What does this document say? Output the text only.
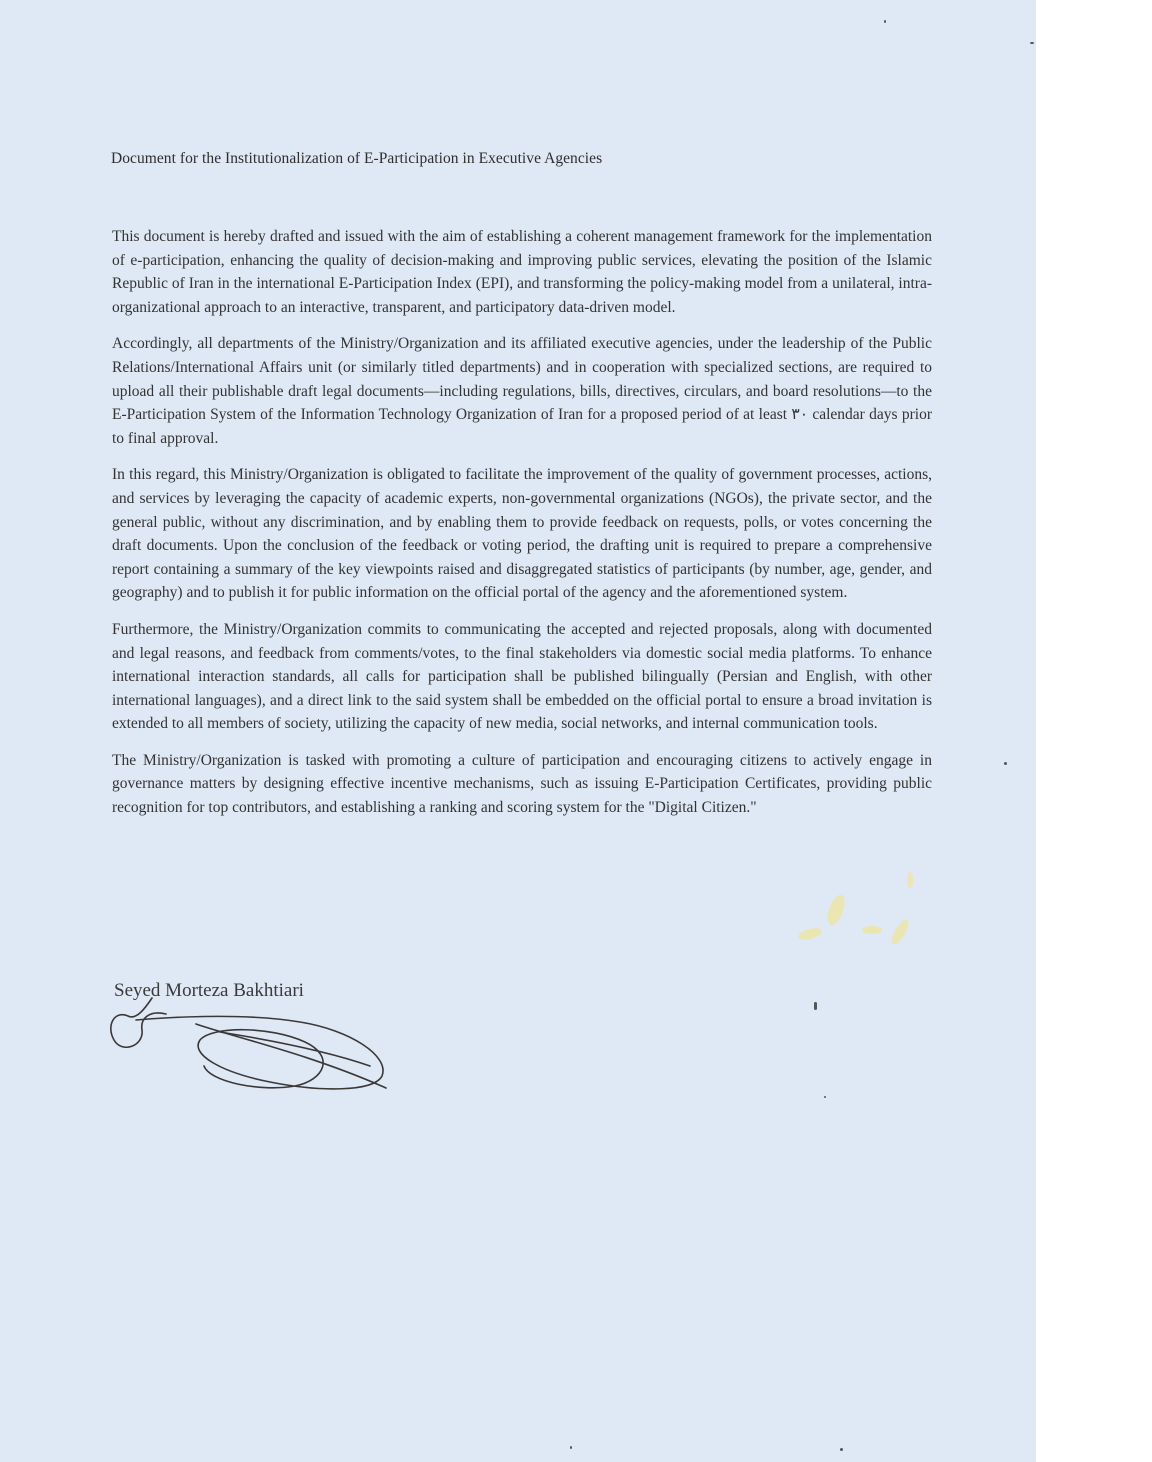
Document for the Institutionalization of E-Participation in Executive Agencies

This document is hereby drafted and issued with the aim of establishing a coherent management framework for the implementation of e-participation, enhancing the quality of decision-making and improving public services, elevating the position of the Islamic Republic of Iran in the international E-Participation Index (EPI), and transforming the policy-making model from a unilateral, intra-organizational approach to an interactive, transparent, and participatory data-driven model.

Accordingly, all departments of the Ministry/Organization and its affiliated executive agencies, under the leadership of the Public Relations/International Affairs unit (or similarly titled departments) and in cooperation with specialized sections, are required to upload all their publishable draft legal documents—including regulations, bills, directives, circulars, and board resolutions—to the E-Participation System of the Information Technology Organization of Iran for a proposed period of at least ۳۰ calendar days prior to final approval.

In this regard, this Ministry/Organization is obligated to facilitate the improvement of the quality of government processes, actions, and services by leveraging the capacity of academic experts, non-governmental organizations (NGOs), the private sector, and the general public, without any discrimination, and by enabling them to provide feedback on requests, polls, or votes concerning the draft documents. Upon the conclusion of the feedback or voting period, the drafting unit is required to prepare a comprehensive report containing a summary of the key viewpoints raised and disaggregated statistics of participants (by number, age, gender, and geography) and to publish it for public information on the official portal of the agency and the aforementioned system.

Furthermore, the Ministry/Organization commits to communicating the accepted and rejected proposals, along with documented and legal reasons, and feedback from comments/votes, to the final stakeholders via domestic social media platforms. To enhance international interaction standards, all calls for participation shall be published bilingually (Persian and English, with other international languages), and a direct link to the said system shall be embedded on the official portal to ensure a broad invitation is extended to all members of society, utilizing the capacity of new media, social networks, and internal communication tools.

The Ministry/Organization is tasked with promoting a culture of participation and encouraging citizens to actively engage in governance matters by designing effective incentive mechanisms, such as issuing E-Participation Certificates, providing public recognition for top contributors, and establishing a ranking and scoring system for the "Digital Citizen."

Seyed Morteza Bakhtiari
